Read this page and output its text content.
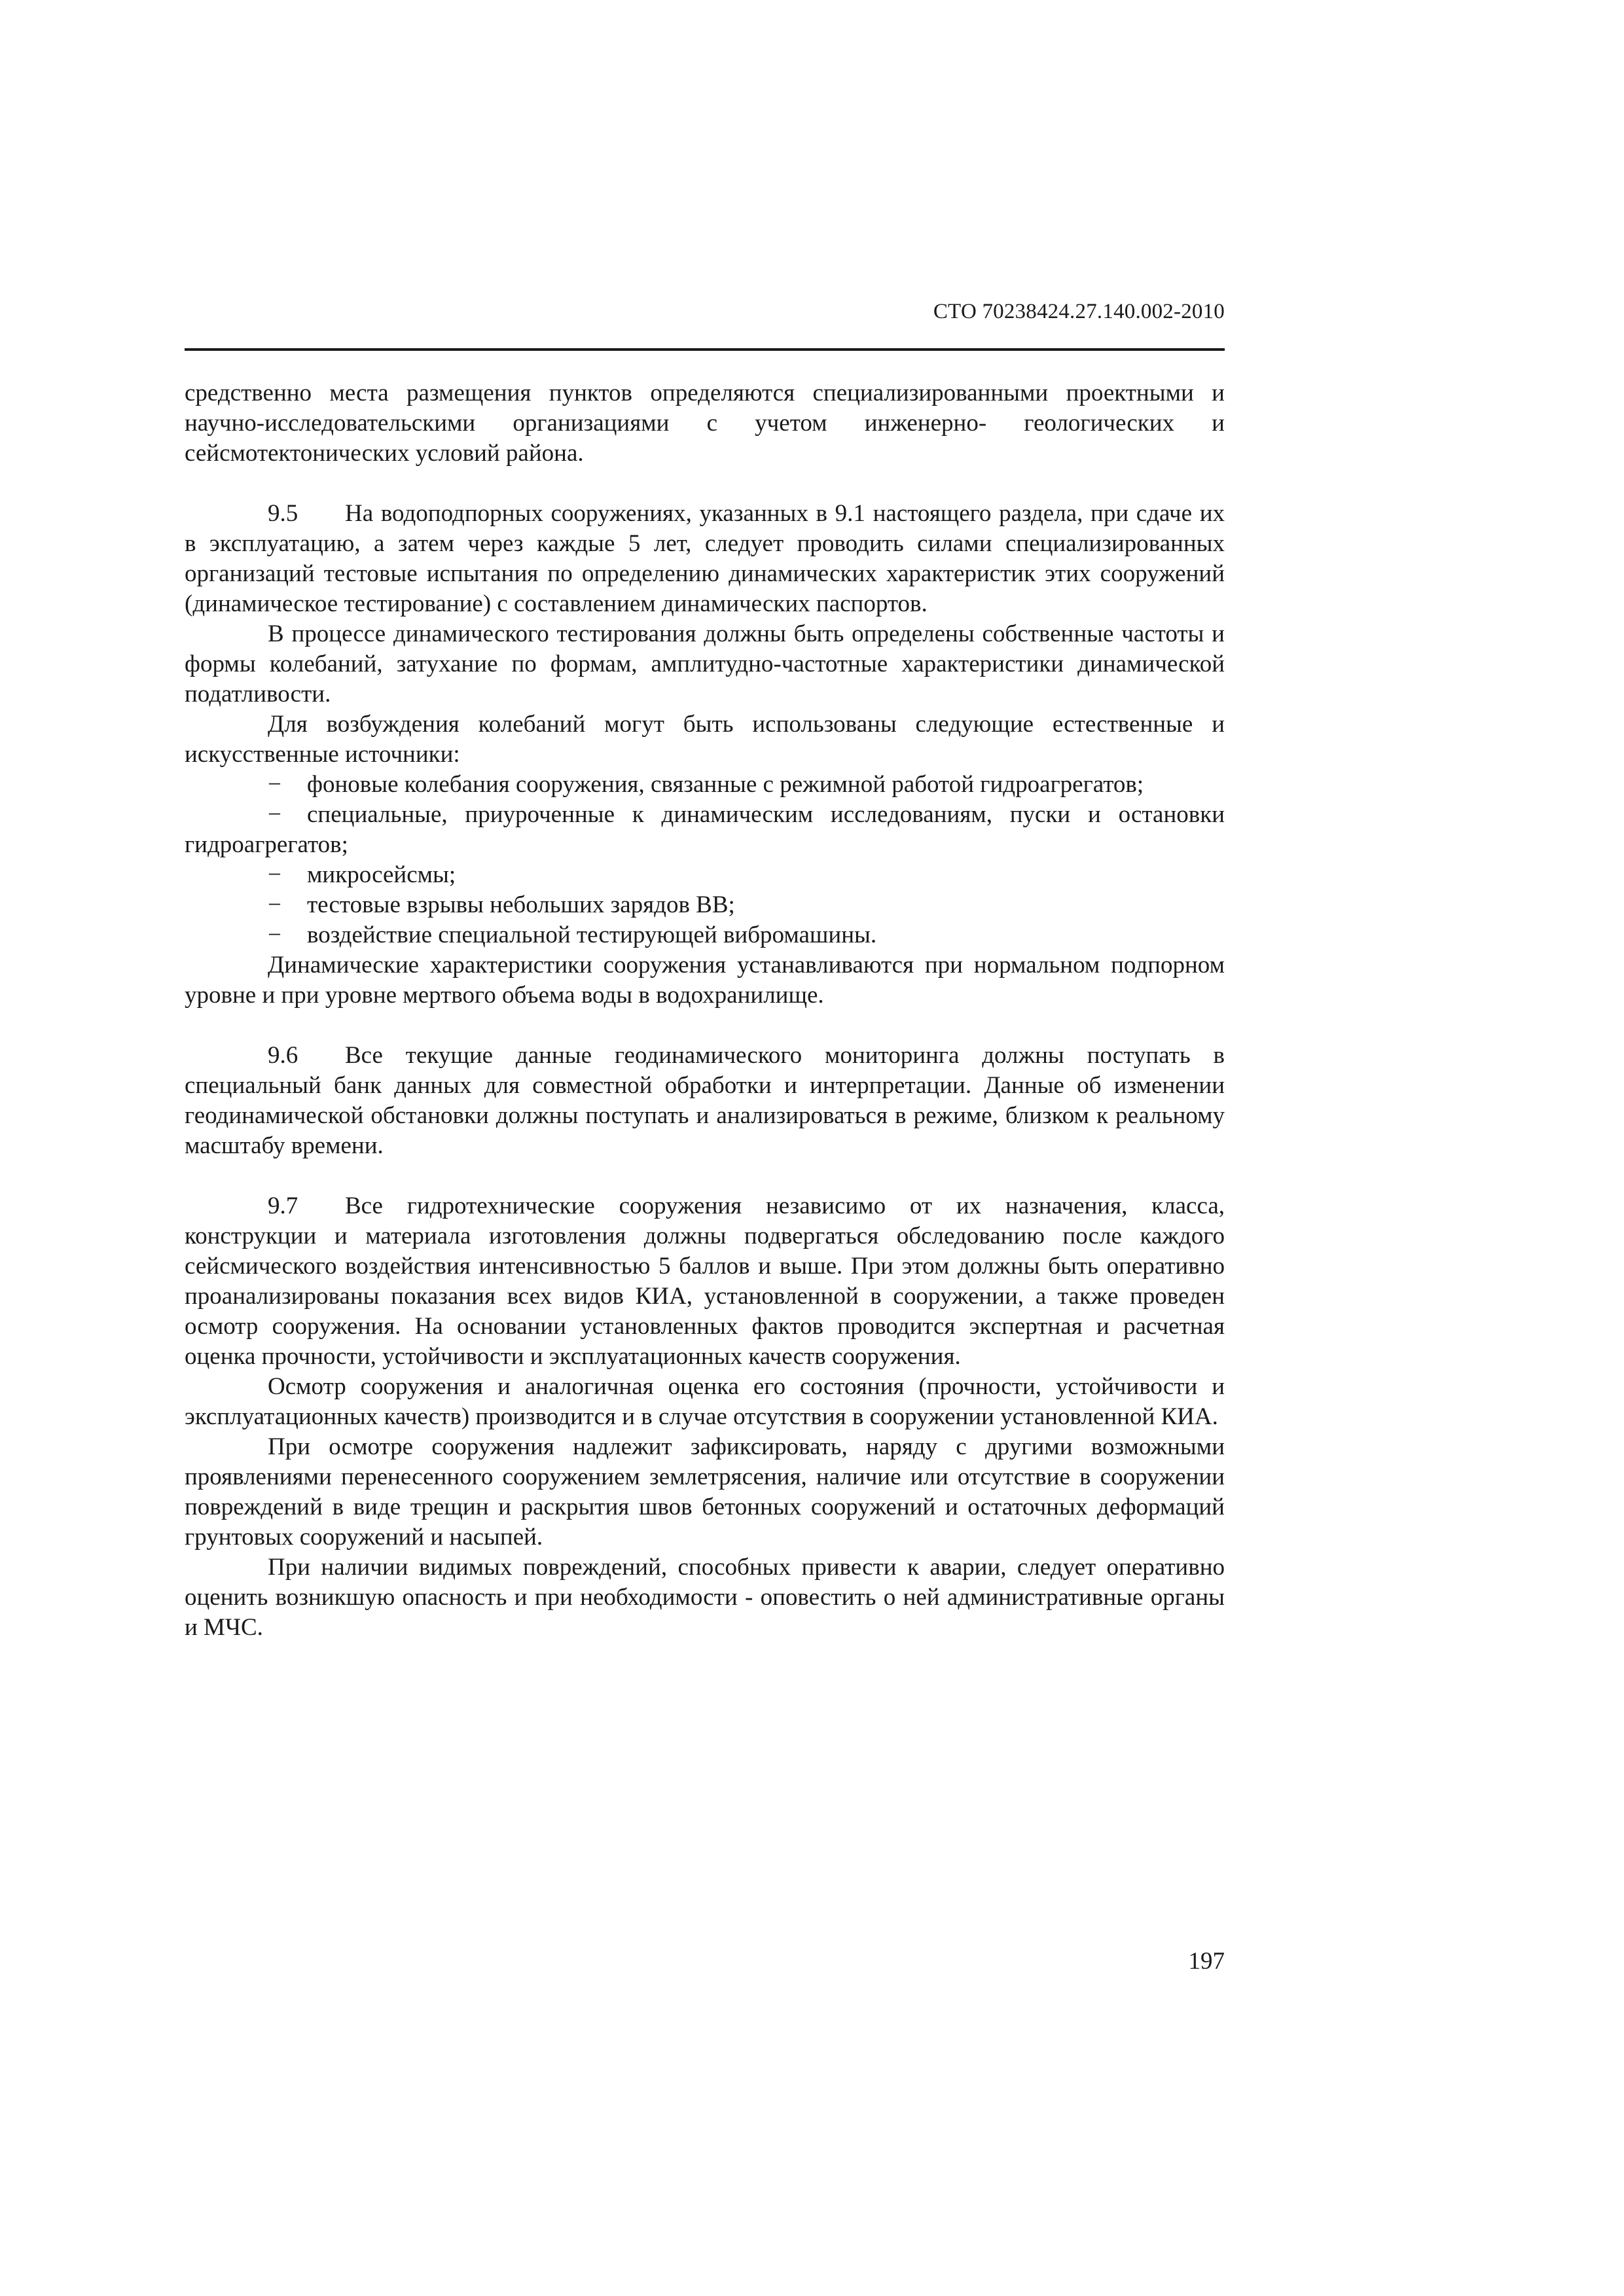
СТО 70238424.27.140.002-2010

средственно места размещения пунктов определяются специализированными проектными и научно-исследовательскими организациями с учетом инженерно- геологических и сейсмотектонических условий района.

9.5 На водоподпорных сооружениях, указанных в 9.1 настоящего раздела, при сдаче их в эксплуатацию, а затем через каждые 5 лет, следует проводить силами специализированных организаций тестовые испытания по определению динамических характеристик этих сооружений (динамическое тестирование) с составлением динамических паспортов.

В процессе динамического тестирования должны быть определены собственные частоты и формы колебаний, затухание по формам, амплитудно-частотные характеристики динамической податливости.

Для возбуждения колебаний могут быть использованы следующие естественные и искусственные источники:

− фоновые колебания сооружения, связанные с режимной работой гидроагрегатов;

− специальные, приуроченные к динамическим исследованиям, пуски и остановки гидроагрегатов;

− микросейсмы;

− тестовые взрывы небольших зарядов ВВ;

− воздействие специальной тестирующей вибромашины.

Динамические характеристики сооружения устанавливаются при нормальном подпорном уровне и при уровне мертвого объема воды в водохранилище.

9.6 Все текущие данные геодинамического мониторинга должны поступать в специальный банк данных для совместной обработки и интерпретации. Данные об изменении геодинамической обстановки должны поступать и анализироваться в режиме, близком к реальному масштабу времени.

9.7 Все гидротехнические сооружения независимо от их назначения, класса, конструкции и материала изготовления должны подвергаться обследованию после каждого сейсмического воздействия интенсивностью 5 баллов и выше. При этом должны быть оперативно проанализированы показания всех видов КИА, установленной в сооружении, а также проведен осмотр сооружения. На основании установленных фактов проводится экспертная и расчетная оценка прочности, устойчивости и эксплуатационных качеств сооружения.

Осмотр сооружения и аналогичная оценка его состояния (прочности, устойчивости и эксплуатационных качеств) производится и в случае отсутствия в сооружении установленной КИА.

При осмотре сооружения надлежит зафиксировать, наряду с другими возможными проявлениями перенесенного сооружением землетрясения, наличие или отсутствие в сооружении повреждений в виде трещин и раскрытия швов бетонных сооружений и остаточных деформаций грунтовых сооружений и насыпей.

При наличии видимых повреждений, способных привести к аварии, следует оперативно оценить возникшую опасность и при необходимости - оповестить о ней административные органы и МЧС.

197
